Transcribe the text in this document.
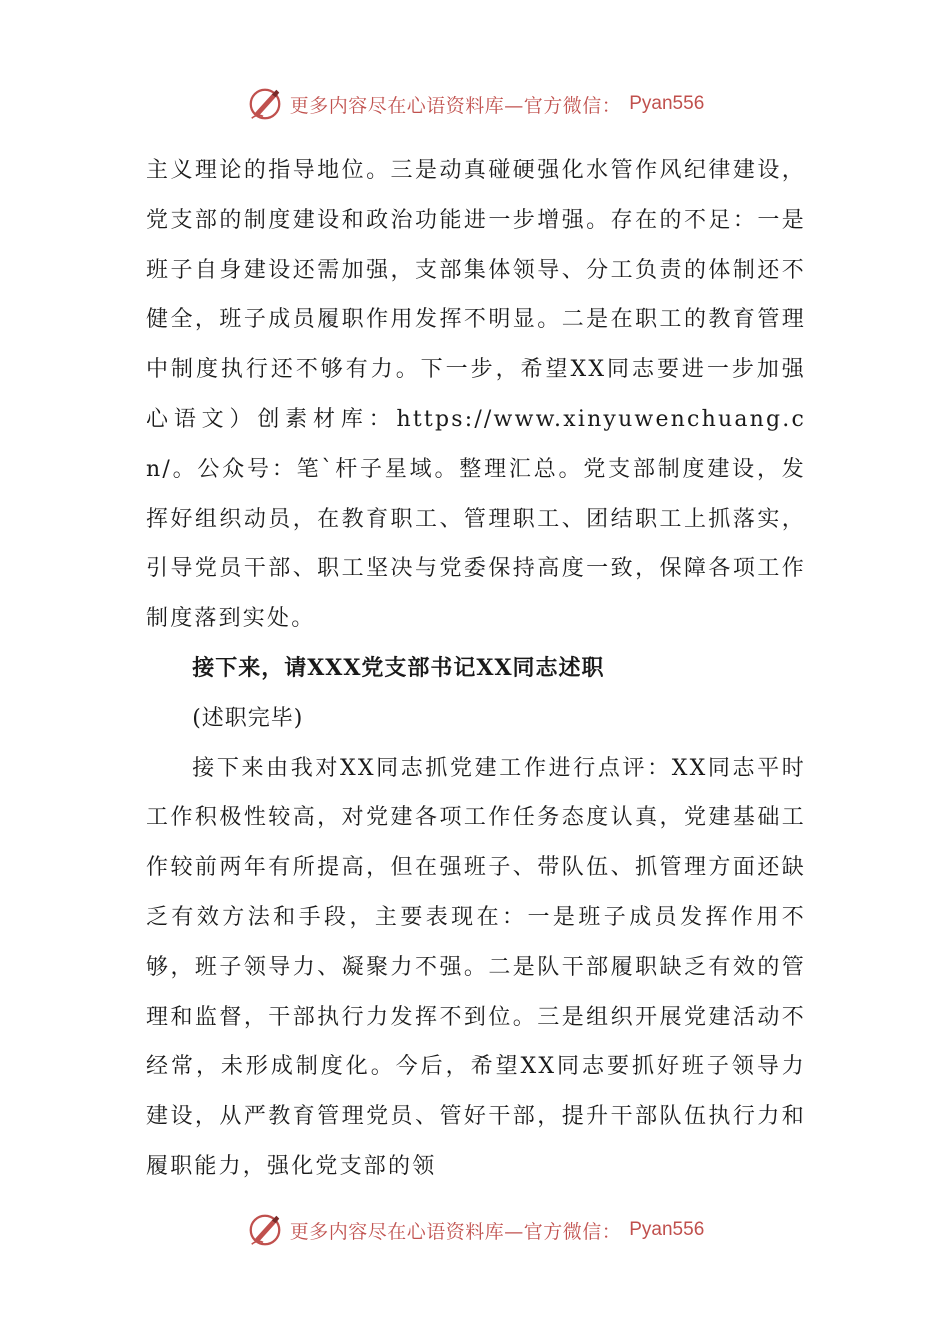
更多内容尽在心语资料库—官方微信： Pyan556

主义理论的指导地位。三是动真碰硬强化水管作风纪律建设，党支部的制度建设和政治功能进一步增强。存在的不足：一是班子自身建设还需加强，支部集体领导、分工负责的体制还不健全，班子成员履职作用发挥不明显。二是在职工的教育管理中制度执行还不够有力。下一步，希望XX同志要进一步加强心语文）创素材库：https://www.xinyuwenchuang.cn/。公众号：笔`杆子星域。整理汇总。党支部制度建设，发挥好组织动员，在教育职工、管理职工、团结职工上抓落实，引导党员干部、职工坚决与党委保持高度一致，保障各项工作制度落到实处。

接下来，请XXX党支部书记XX同志述职

(述职完毕)

接下来由我对XX同志抓党建工作进行点评：XX同志平时工作积极性较高，对党建各项工作任务态度认真，党建基础工作较前两年有所提高，但在强班子、带队伍、抓管理方面还缺乏有效方法和手段，主要表现在：一是班子成员发挥作用不够，班子领导力、凝聚力不强。二是队干部履职缺乏有效的管理和监督，干部执行力发挥不到位。三是组织开展党建活动不经常，未形成制度化。今后，希望XX同志要抓好班子领导力建设，从严教育管理党员、管好干部，提升干部队伍执行力和履职能力，强化党支部的领

更多内容尽在心语资料库—官方微信： Pyan556
